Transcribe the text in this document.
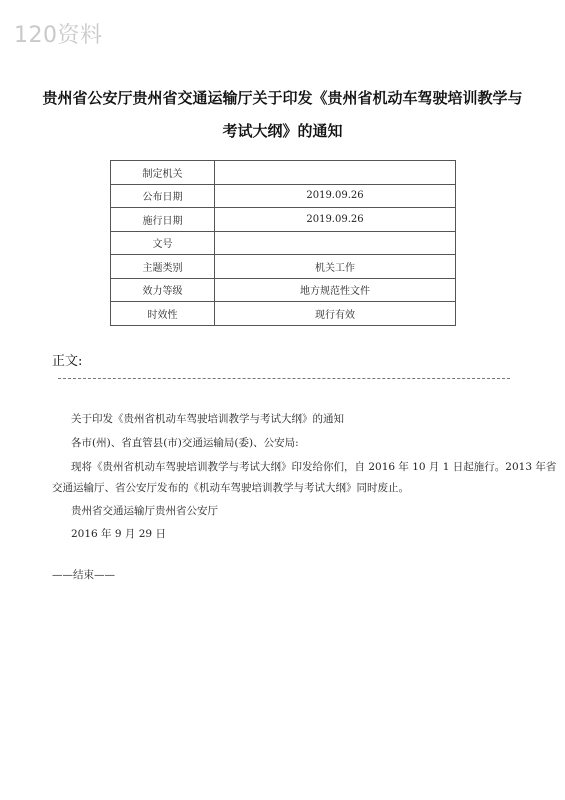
120资料
贵州省公安厅贵州省交通运输厅关于印发《贵州省机动车驾驶培训教学与
考试大纲》的通知
制定机关	
公布日期	2019.09.26
施行日期	2019.09.26
文号	
主题类别	机关工作
效力等级	地方规范性文件
时效性	现行有效
正文:
关于印发《贵州省机动车驾驶培训教学与考试大纲》的通知
各市(州)、省直管县(市)交通运输局(委)、公安局:
现将《贵州省机动车驾驶培训教学与考试大纲》印发给你们，自 2016 年 10 月 1 日起施行。2013 年省
交通运输厅、省公安厅发布的《机动车驾驶培训教学与考试大纲》同时废止。
贵州省交通运输厅贵州省公安厅
2016 年 9 月 29 日
——结束——
